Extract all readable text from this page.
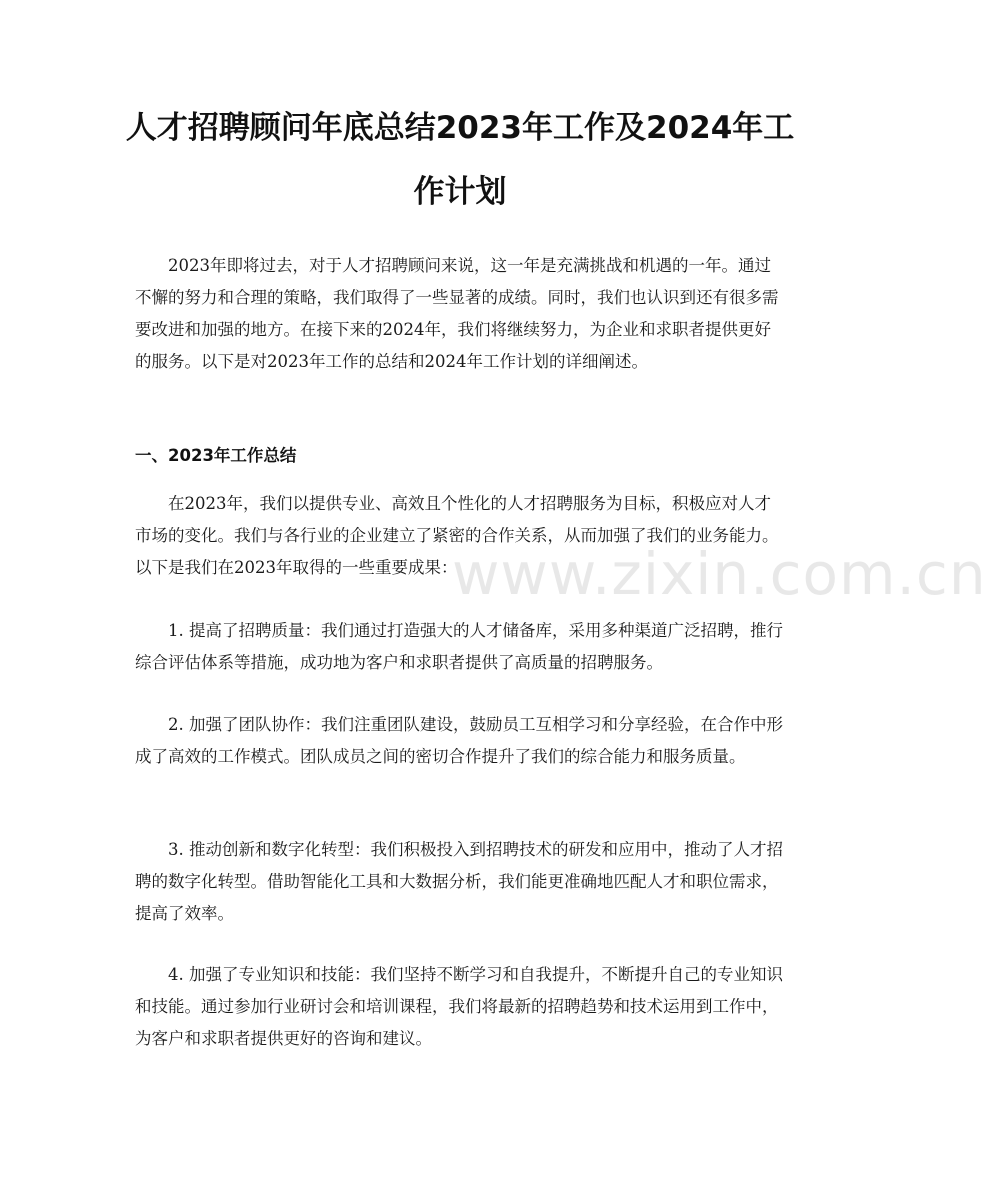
人才招聘顾问年底总结2023年工作及2024年工作计划

2023年即将过去，对于人才招聘顾问来说，这一年是充满挑战和机遇的一年。通过不懈的努力和合理的策略，我们取得了一些显著的成绩。同时，我们也认识到还有很多需要改进和加强的地方。在接下来的2024年，我们将继续努力，为企业和求职者提供更好的服务。以下是对2023年工作的总结和2024年工作计划的详细阐述。

一、2023年工作总结

在2023年，我们以提供专业、高效且个性化的人才招聘服务为目标，积极应对人才市场的变化。我们与各行业的企业建立了紧密的合作关系，从而加强了我们的业务能力。以下是我们在2023年取得的一些重要成果：

1. 提高了招聘质量：我们通过打造强大的人才储备库，采用多种渠道广泛招聘，推行综合评估体系等措施，成功地为客户和求职者提供了高质量的招聘服务。

2. 加强了团队协作：我们注重团队建设，鼓励员工互相学习和分享经验，在合作中形成了高效的工作模式。团队成员之间的密切合作提升了我们的综合能力和服务质量。

3. 推动创新和数字化转型：我们积极投入到招聘技术的研发和应用中，推动了人才招聘的数字化转型。借助智能化工具和大数据分析，我们能更准确地匹配人才和职位需求，提高了效率。

4. 加强了专业知识和技能：我们坚持不断学习和自我提升，不断提升自己的专业知识和技能。通过参加行业研讨会和培训课程，我们将最新的招聘趋势和技术运用到工作中，为客户和求职者提供更好的咨询和建议。

www.zixin.com.cn
